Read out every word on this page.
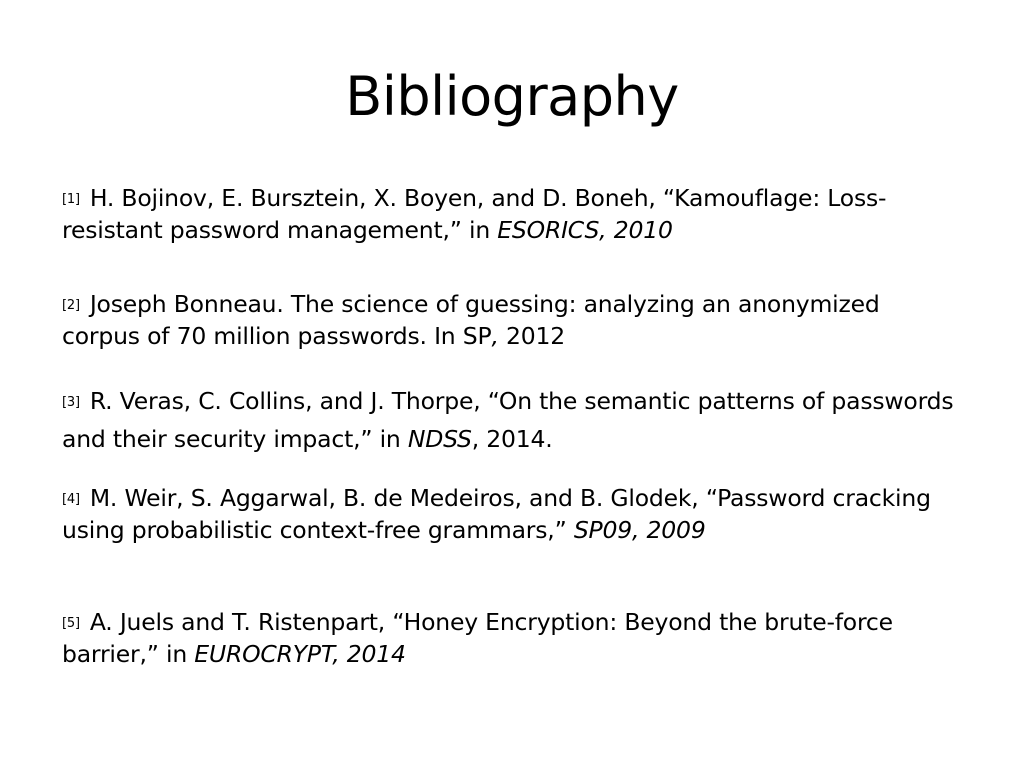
Bibliography
[1] H. Bojinov, E. Bursztein, X. Boyen, and D. Boneh, “Kamouflage: Loss-resistant password management,” in ESORICS, 2010
[2] Joseph Bonneau. The science of guessing: analyzing an anonymized corpus of 70 million passwords. In SP, 2012
[3] R. Veras, C. Collins, and J. Thorpe, “On the semantic patterns of passwords and their security impact,” in NDSS, 2014.
[4] M. Weir, S. Aggarwal, B. de Medeiros, and B. Glodek, “Password cracking using probabilistic context-free grammars,” SP09, 2009
[5] A. Juels and T. Ristenpart, “Honey Encryption: Beyond the brute-force barrier,” in EUROCRYPT, 2014
